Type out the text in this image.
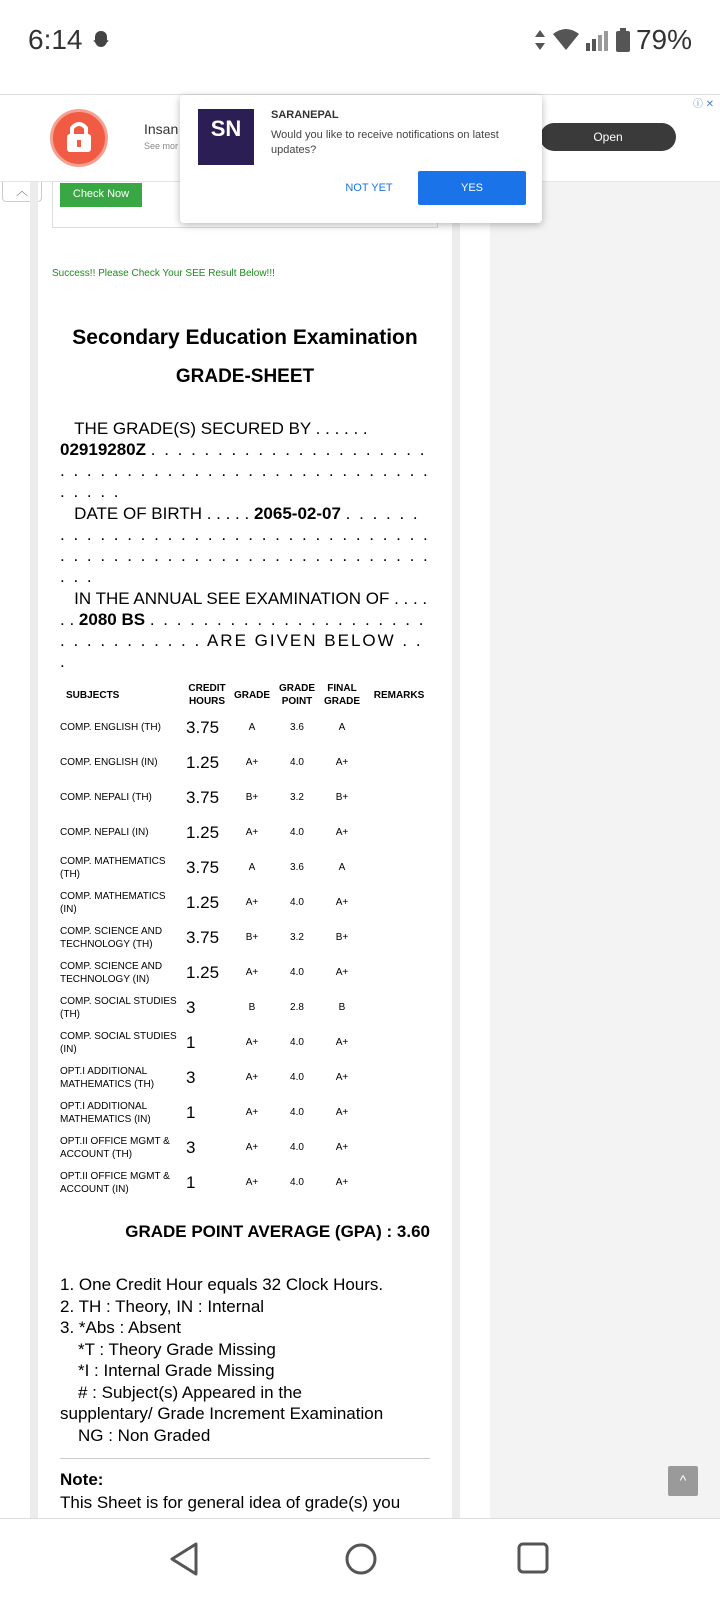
6:14	79%
Insan
See mor
Open
ⓘ ✕
︿	Check Now
SN
SARANEPAL
Would you like to receive notifications on latest updates?
NOT YET	YES
Success!! Please Check Your SEE Result Below!!!
Secondary Education Examination
GRADE-SHEET
THE GRADE(S) SECURED BY . . . . . . 02919280Z . . . . . . . . . . . . . . . . . . . . . . . . . . . . . . . . . . . . . . . . . . . . . . . . . . . . . .
DATE OF BIRTH . . . . . 2065-02-07 . . . . . . . . . . . . . . . . . . . . . . . . . . . . . . . . . . . . . . . . . . . . . . . . . . . . . . . . . . . . . . . . .
IN THE ANNUAL SEE EXAMINATION OF . . . . . . 2080 BS . . . . . . . . . . . . . . . . . . . . . . . . . . . . . . . . ARE GIVEN BELOW . . .
SUBJECTS	CREDIT HOURS	GRADE	GRADE POINT	FINAL GRADE	REMARKS
COMP. ENGLISH (TH)	3.75	A	3.6	A	
COMP. ENGLISH (IN)	1.25	A+	4.0	A+	
COMP. NEPALI (TH)	3.75	B+	3.2	B+	
COMP. NEPALI (IN)	1.25	A+	4.0	A+	
COMP. MATHEMATICS (TH)	3.75	A	3.6	A	
COMP. MATHEMATICS (IN)	1.25	A+	4.0	A+	
COMP. SCIENCE AND TECHNOLOGY (TH)	3.75	B+	3.2	B+	
COMP. SCIENCE AND TECHNOLOGY (IN)	1.25	A+	4.0	A+	
COMP. SOCIAL STUDIES (TH)	3	B	2.8	B	
COMP. SOCIAL STUDIES (IN)	1	A+	4.0	A+	
OPT.I ADDITIONAL MATHEMATICS (TH)	3	A+	4.0	A+	
OPT.I ADDITIONAL MATHEMATICS (IN)	1	A+	4.0	A+	
OPT.II OFFICE MGMT & ACCOUNT (TH)	3	A+	4.0	A+	
OPT.II OFFICE MGMT & ACCOUNT (IN)	1	A+	4.0	A+	
GRADE POINT AVERAGE (GPA) : 3.60
1. One Credit Hour equals 32 Clock Hours.
2. TH : Theory, IN : Internal
3. *Abs : Absent
*T : Theory Grade Missing
*I : Internal Grade Missing
# : Subject(s) Appeared in the
supplentary/ Grade Increment Examination
NG : Non Graded
Note:
This Sheet is for general idea of grade(s) you
^
